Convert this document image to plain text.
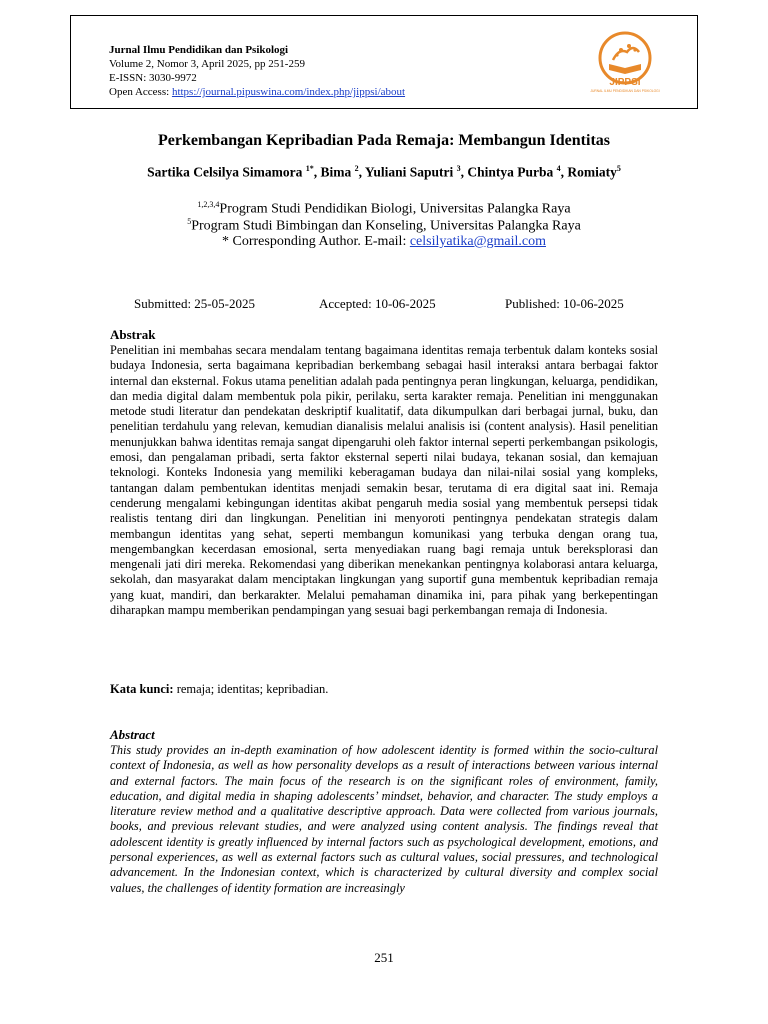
Jurnal Ilmu Pendidikan dan Psikologi
Volume 2, Nomor 3, April 2025, pp 251-259
E-ISSN: 3030-9972
Open Access: https://journal.pipuswina.com/index.php/jippsi/about
JIPPSI
JURNAL ILMU PENDIDIKAN DAN PSIKOLOGI
Perkembangan Kepribadian Pada Remaja: Membangun Identitas
Sartika Celsilya Simamora $^{1*}$, Bima $^2$, Yuliani Saputri $^3$, Chintya Purba $^4$, Romiaty$^5$
$^{1,2,3,4}$Program Studi Pendidikan Biologi, Universitas Palangka Raya
$^5$Program Studi Bimbingan dan Konseling, Universitas Palangka Raya
* Corresponding Author. E-mail: celsilyatika@gmail.com
Submitted: 25-05-2025	Accepted: 10-06-2025	Published: 10-06-2025
Abstrak
Penelitian ini membahas secara mendalam tentang bagaimana identitas remaja terbentuk dalam konteks sosial budaya Indonesia, serta bagaimana kepribadian berkembang sebagai hasil interaksi antara berbagai faktor internal dan eksternal. Fokus utama penelitian adalah pada pentingnya peran lingkungan, keluarga, pendidikan, dan media digital dalam membentuk pola pikir, perilaku, serta karakter remaja. Penelitian ini menggunakan metode studi literatur dan pendekatan deskriptif kualitatif, data dikumpulkan dari berbagai jurnal, buku, dan penelitian terdahulu yang relevan, kemudian dianalisis melalui analisis isi (content analysis). Hasil penelitian menunjukkan bahwa identitas remaja sangat dipengaruhi oleh faktor internal seperti perkembangan psikologis, emosi, dan pengalaman pribadi, serta faktor eksternal seperti nilai budaya, tekanan sosial, dan kemajuan teknologi. Konteks Indonesia yang memiliki keberagaman budaya dan nilai-nilai sosial yang kompleks, tantangan dalam pembentukan identitas menjadi semakin besar, terutama di era digital saat ini. Remaja cenderung mengalami kebingungan identitas akibat pengaruh media sosial yang membentuk persepsi tidak realistis tentang diri dan lingkungan. Penelitian ini menyoroti pentingnya pendekatan strategis dalam membangun identitas yang sehat, seperti membangun komunikasi yang terbuka dengan orang tua, mengembangkan kecerdasan emosional, serta menyediakan ruang bagi remaja untuk bereksplorasi dan mengenali jati diri mereka. Rekomendasi yang diberikan menekankan pentingnya kolaborasi antara keluarga, sekolah, dan masyarakat dalam menciptakan lingkungan yang suportif guna membentuk kepribadian remaja yang kuat, mandiri, dan berkarakter. Melalui pemahaman dinamika ini, para pihak yang berkepentingan diharapkan mampu memberikan pendampingan yang sesuai bagi perkembangan remaja di Indonesia.
Kata kunci: remaja; identitas; kepribadian.
Abstract
This study provides an in-depth examination of how adolescent identity is formed within the socio-cultural context of Indonesia, as well as how personality develops as a result of interactions between various internal and external factors. The main focus of the research is on the significant roles of environment, family, education, and digital media in shaping adolescents’ mindset, behavior, and character. The study employs a literature review method and a qualitative descriptive approach. Data were collected from various journals, books, and previous relevant studies, and were analyzed using content analysis. The findings reveal that adolescent identity is greatly influenced by internal factors such as psychological development, emotions, and personal experiences, as well as external factors such as cultural values, social pressures, and technological advancement. In the Indonesian context, which is characterized by cultural diversity and complex social values, the challenges of identity formation are increasingly
251
